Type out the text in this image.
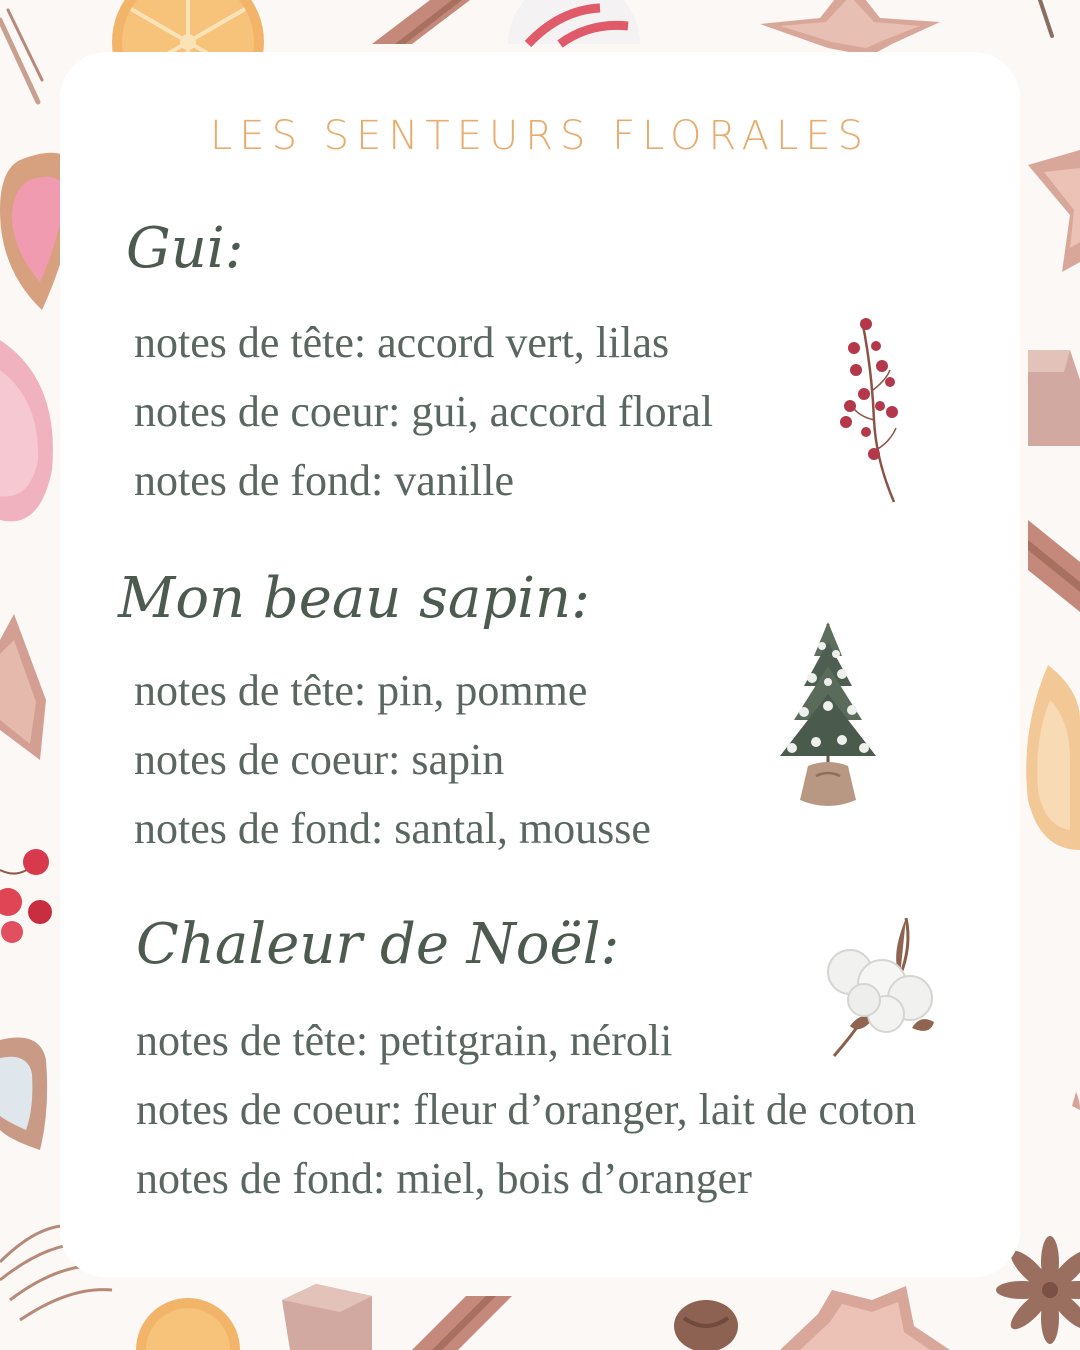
LES SENTEURS FLORALES
Gui:
notes de tête: accord vert, lilas
notes de coeur: gui, accord floral
notes de fond: vanille
Mon beau sapin:
notes de tête: pin, pomme
notes de coeur: sapin
notes de fond: santal, mousse
Chaleur de Noël:
notes de tête: petitgrain, néroli
notes de coeur: fleur d’oranger, lait de coton
notes de fond: miel, bois d’oranger
